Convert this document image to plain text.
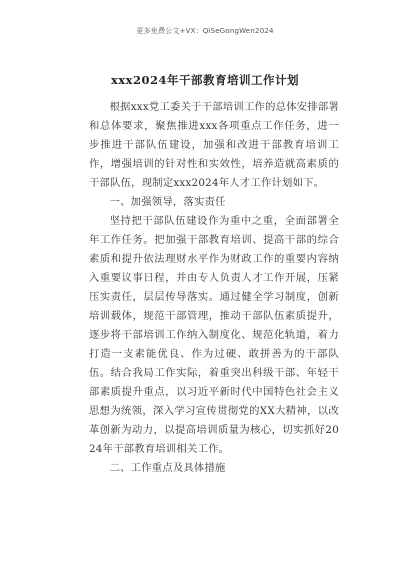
更多免费公文+VX：QiSeGongWen2024
xxx2024年干部教育培训工作计划

根据xxx党工委关于干部培训工作的总体安排部署和总体要求，聚焦推进xxx各项重点工作任务，进一步推进干部队伍建设，加强和改进干部教育培训工作，增强培训的针对性和实效性，培养造就高素质的干部队伍，现制定xxx2024年人才工作计划如下。

一、加强领导，落实责任

坚持把干部队伍建设作为重中之重，全面部署全年工作任务。把加强干部教育培训、提高干部的综合素质和提升依法理财水平作为财政工作的重要内容纳入重要议事日程，并由专人负责人才工作开展，压紧压实责任，层层传导落实。通过健全学习制度，创新培训载体，规范干部管理，推动干部队伍素质提升，逐步将干部培训工作纳入制度化、规范化轨道，着力打造一支素能优良、作为过硬、敢拼善为的干部队伍。结合我局工作实际，着重突出科级干部、年轻干部素质提升重点，以习近平新时代中国特色社会主义思想为统领，深入学习宣传贯彻党的XX大精神，以改革创新为动力，以提高培训质量为核心，切实抓好2024年干部教育培训相关工作。

二、工作重点及具体措施
